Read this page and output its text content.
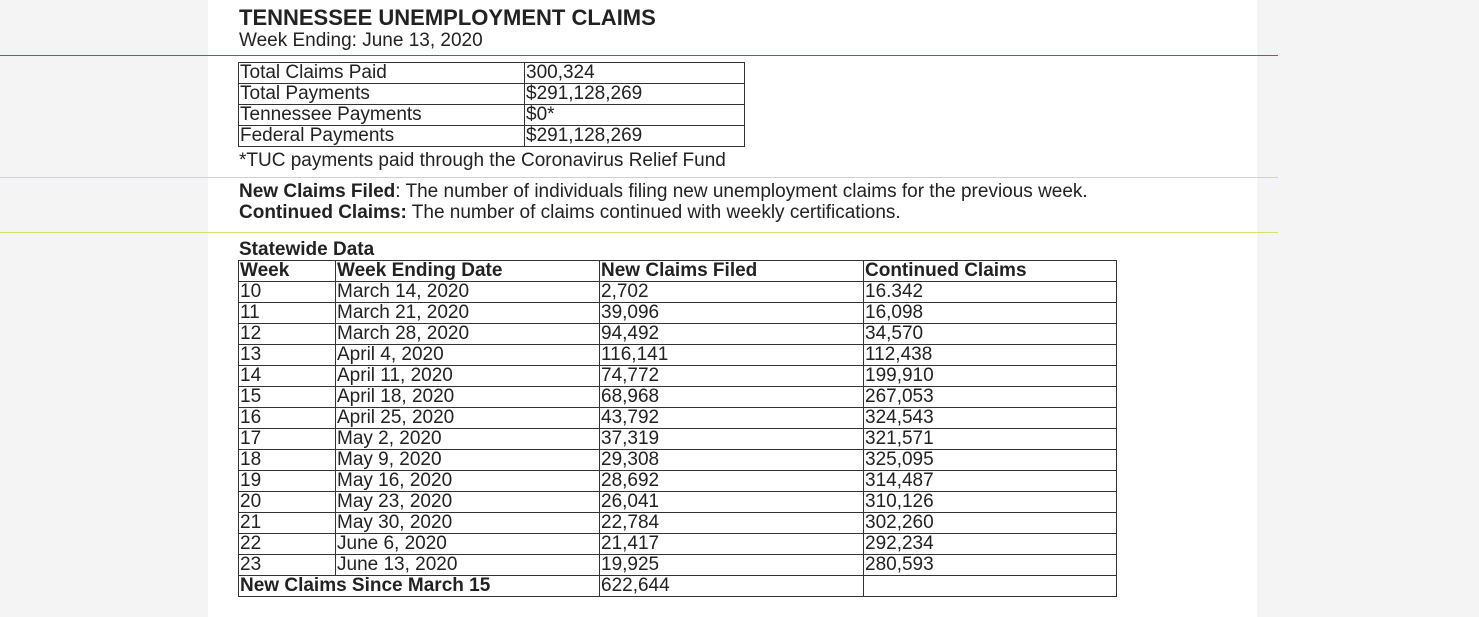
TENNESSEE UNEMPLOYMENT CLAIMS
Week Ending: June 13, 2020
Total Claims Paid	300,324
Total Payments	$291,128,269
Tennessee Payments	$0*
Federal Payments	$291,128,269
*TUC payments paid through the Coronavirus Relief Fund
New Claims Filed: The number of individuals filing new unemployment claims for the previous week.
Continued Claims: The number of claims continued with weekly certifications.
Statewide Data
Week	Week Ending Date	New Claims Filed	Continued Claims
10	March 14, 2020	2,702	16.342
11	March 21, 2020	39,096	16,098
12	March 28, 2020	94,492	34,570
13	April 4, 2020	116,141	112,438
14	April 11, 2020	74,772	199,910
15	April 18, 2020	68,968	267,053
16	April 25, 2020	43,792	324,543
17	May 2, 2020	37,319	321,571
18	May 9, 2020	29,308	325,095
19	May 16, 2020	28,692	314,487
20	May 23, 2020	26,041	310,126
21	May 30, 2020	22,784	302,260
22	June 6, 2020	21,417	292,234
23	June 13, 2020	19,925	280,593
New Claims Since March 15		622,644	
